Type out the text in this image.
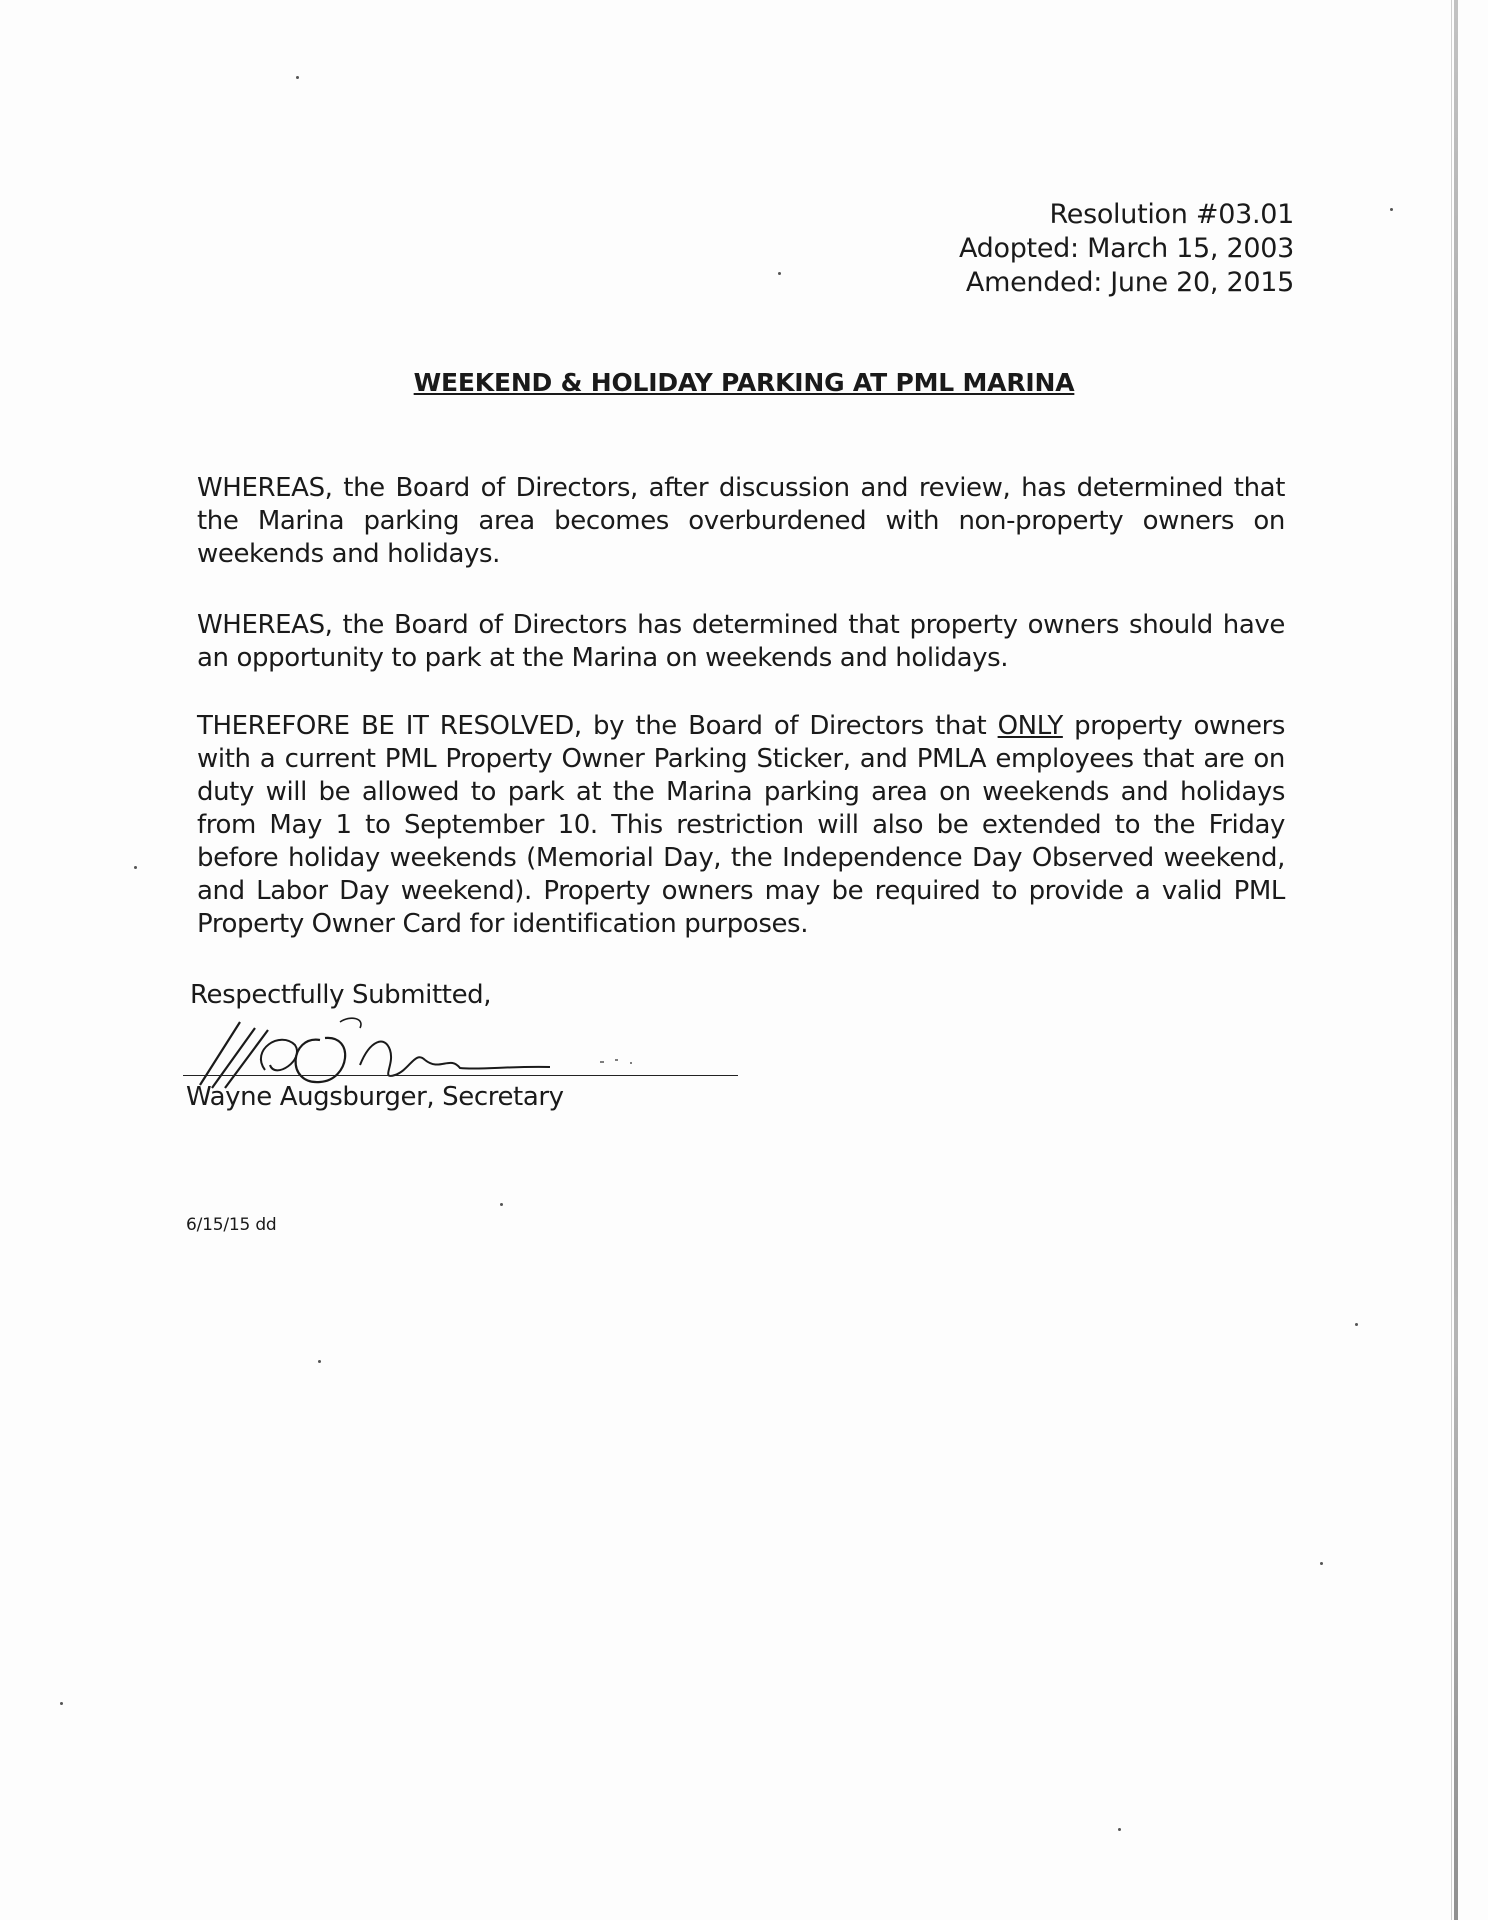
Resolution #03.01
Adopted: March 15, 2003
Amended: June 20, 2015
WEEKEND & HOLIDAY PARKING AT PML MARINA
WHEREAS, the Board of Directors, after discussion and review, has determined that the Marina parking area becomes overburdened with non-property owners on weekends and holidays.
WHEREAS, the Board of Directors has determined that property owners should have an opportunity to park at the Marina on weekends and holidays.
THEREFORE BE IT RESOLVED, by the Board of Directors that ONLY property owners with a current PML Property Owner Parking Sticker, and PMLA employees that are on duty will be allowed to park at the Marina parking area on weekends and holidays from May 1 to September 10. This restriction will also be extended to the Friday before holiday weekends (Memorial Day, the Independence Day Observed weekend, and Labor Day weekend). Property owners may be required to provide a valid PML Property Owner Card for identification purposes.
Respectfully Submitted,
Wayne Augsburger, Secretary
6/15/15 dd
